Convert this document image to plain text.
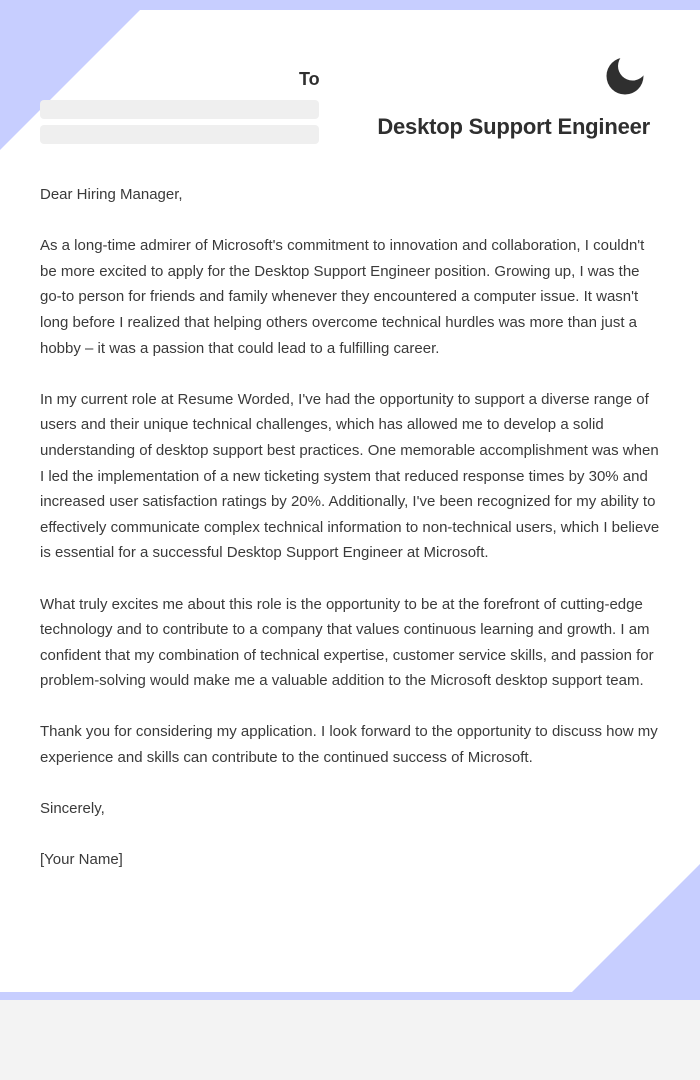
To
Desktop Support Engineer

Dear Hiring Manager,

As a long-time admirer of Microsoft's commitment to innovation and collaboration, I couldn't be more excited to apply for the Desktop Support Engineer position. Growing up, I was the go-to person for friends and family whenever they encountered a computer issue. It wasn't long before I realized that helping others overcome technical hurdles was more than just a hobby – it was a passion that could lead to a fulfilling career.

In my current role at Resume Worded, I've had the opportunity to support a diverse range of users and their unique technical challenges, which has allowed me to develop a solid understanding of desktop support best practices. One memorable accomplishment was when I led the implementation of a new ticketing system that reduced response times by 30% and increased user satisfaction ratings by 20%. Additionally, I've been recognized for my ability to effectively communicate complex technical information to non-technical users, which I believe is essential for a successful Desktop Support Engineer at Microsoft.

What truly excites me about this role is the opportunity to be at the forefront of cutting-edge technology and to contribute to a company that values continuous learning and growth. I am confident that my combination of technical expertise, customer service skills, and passion for problem-solving would make me a valuable addition to the Microsoft desktop support team.

Thank you for considering my application. I look forward to the opportunity to discuss how my experience and skills can contribute to the continued success of Microsoft.

Sincerely,

[Your Name]
